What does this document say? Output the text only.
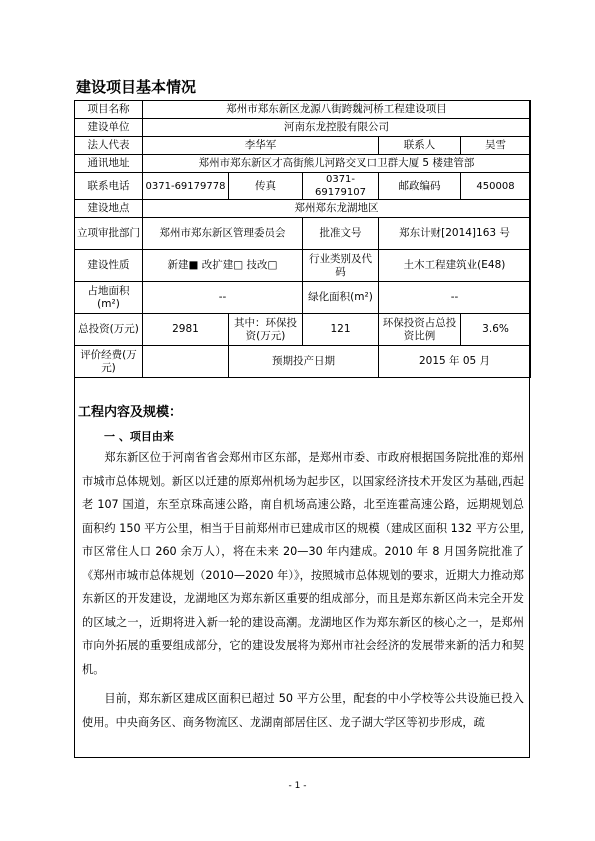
建设项目基本情况
项目名称	郑州市郑东新区龙源八街跨魏河桥工程建设项目				
建设单位	河南东龙控股有限公司				
法人代表	李华军			联系人	吴雪
通讯地址	郑州市郑东新区才高街熊儿河路交叉口卫群大厦 5 楼建管部				
联系电话	0371-69179778	传真	0371-69179107	邮政编码	450008
建设地点	郑州郑东龙湖地区				
立项审批部门	郑州市郑东新区管理委员会		批准文号	郑东计财[2014]163 号	
建设性质	新建■ 改扩建□ 技改□		行业类别及代码	土木工程建筑业(E48)	
占地面积(m²)	--		绿化面积(m²)	--	
总投资(万元)	2981	其中：环保投资(万元)	121	环保投资占总投资比例	3.6%
评价经费(万元)		预期投产日期		2015 年 05 月	
工程内容及规模：
一 、项目由来

郑东新区位于河南省省会郑州市区东部，是郑州市委、市政府根据国务院批准的郑州市城市总体规划。新区以迁建的原郑州机场为起步区，以国家经济技术开发区为基础,西起老 107 国道，东至京珠高速公路，南自机场高速公路，北至连霍高速公路，远期规划总面积约 150 平方公里，相当于目前郑州市已建成市区的规模（建成区面积 132 平方公里,市区常住人口 260 余万人），将在未来 20—30 年内建成。2010 年 8 月国务院批准了《郑州市城市总体规划（2010—2020 年）》，按照城市总体规划的要求，近期大力推动郑东新区的开发建设，龙湖地区为郑东新区重要的组成部分，而且是郑东新区尚未完全开发的区域之一，近期将进入新一轮的建设高潮。龙湖地区作为郑东新区的核心之一，是郑州市向外拓展的重要组成部分，它的建设发展将为郑州市社会经济的发展带来新的活力和契机。

目前，郑东新区建成区面积已超过 50 平方公里，配套的中小学校等公共设施已投入使用。中央商务区、商务物流区、龙湖南部居住区、龙子湖大学区等初步形成，疏

- 1 -
